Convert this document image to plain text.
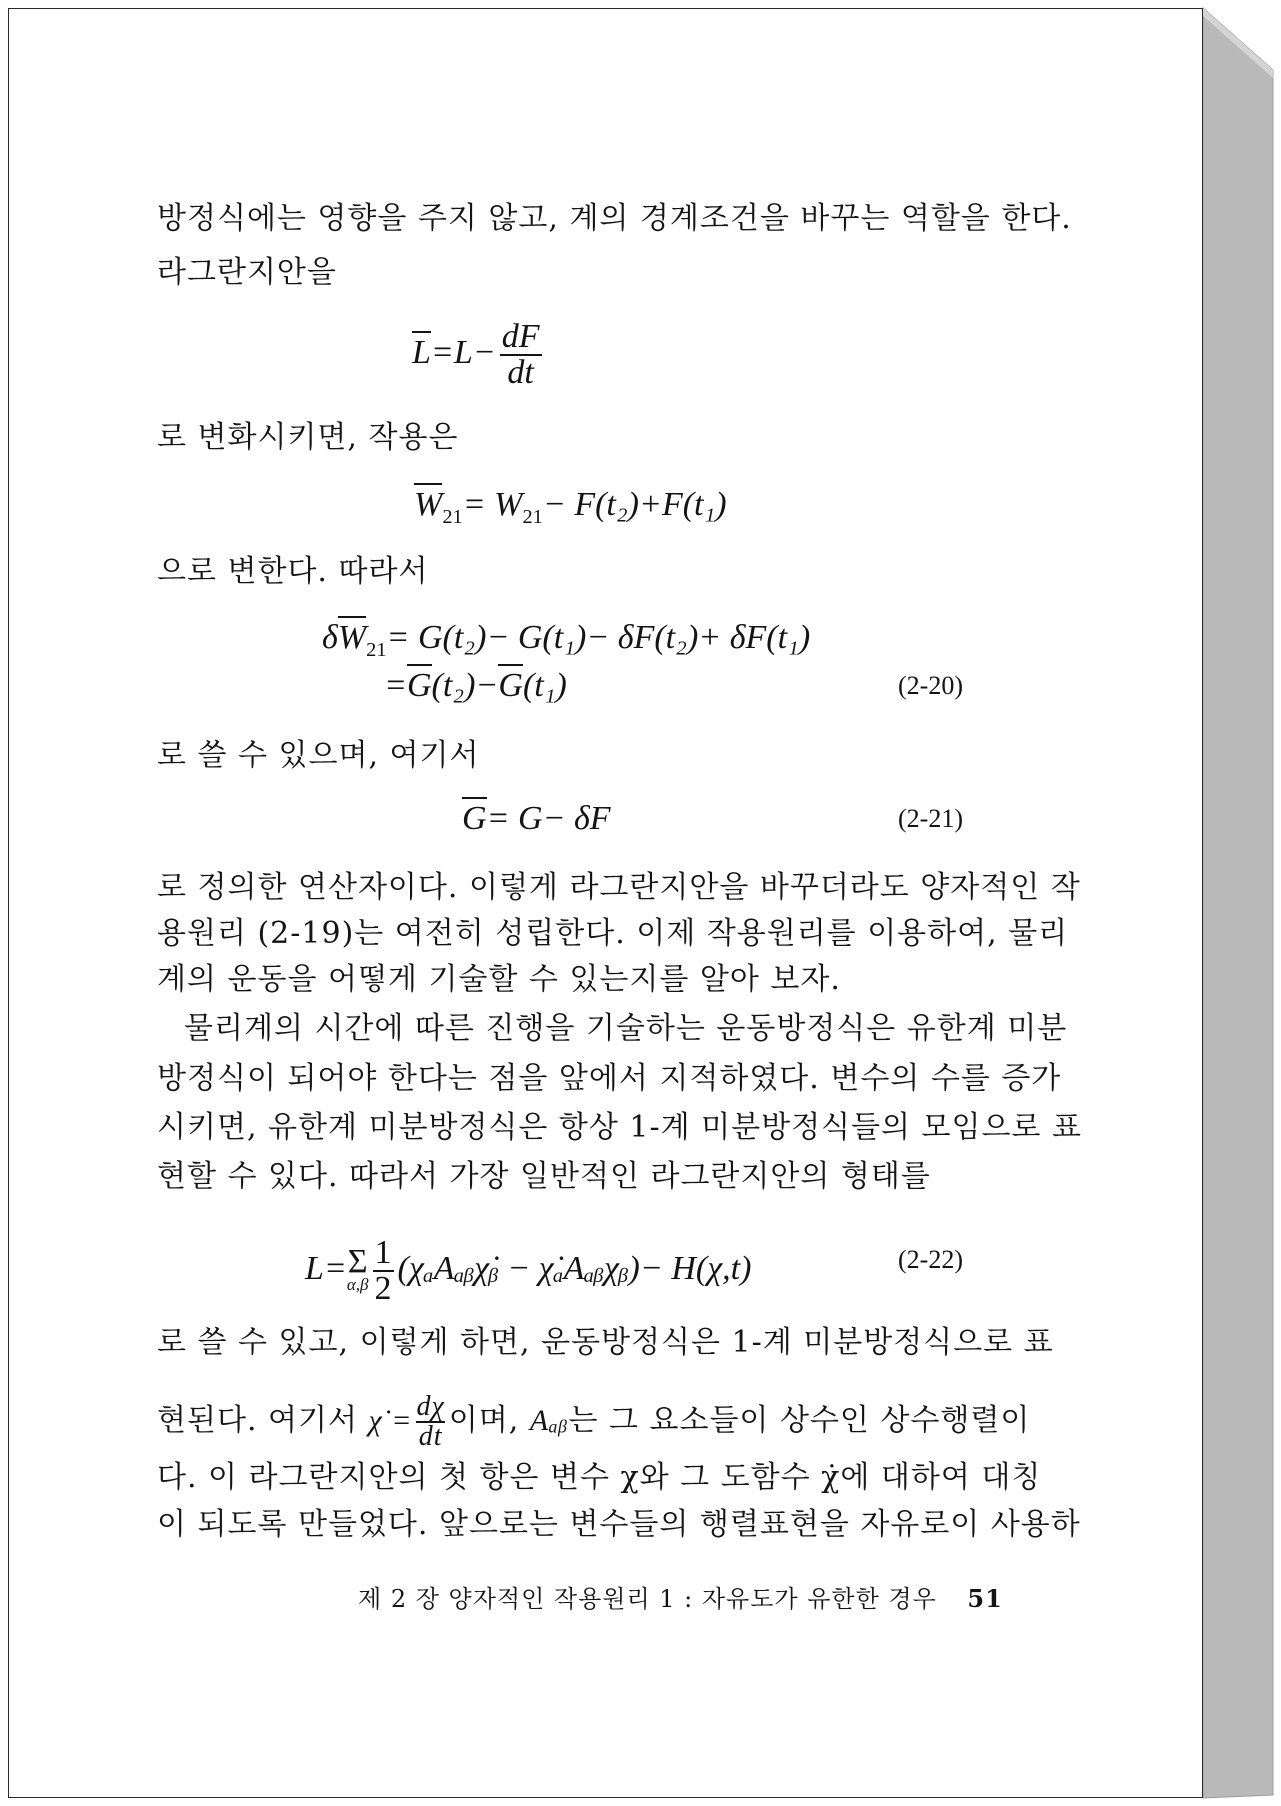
방정식에는 영향을 주지 않고, 계의 경계조건을 바꾸는 역할을 한다.
라그란지안을
$L=L- \frac{dF}{dt}$
로 변화시키면, 작용은
$W_{21}= W_{21}- F(t_2)+F(t_1)$
으로 변한다. 따라서
$\delta W_{21}= G(t_2)- G(t_1)- \delta F(t_2)+ \delta F(t_1)$
=G(t₂)−G(t₁)	(2-20)
로 쓸 수 있으며, 여기서
G= G− δF	(2-21)
로 정의한 연산자이다. 이렇게 라그란지안을 바꾸더라도 양자적인 작
용원리 (2-19)는 여전히 성립한다. 이제 작용원리를 이용하여, 물리
계의 운동을 어떻게 기술할 수 있는지를 알아 보자.
물리계의 시간에 따른 진행을 기술하는 운동방정식은 유한계 미분
방정식이 되어야 한다는 점을 앞에서 지적하였다. 변수의 수를 증가
시키면, 유한계 미분방정식은 항상 1-계 미분방정식들의 모임으로 표
현할 수 있다. 따라서 가장 일반적인 라그란지안의 형태를
L= Σ
$\alpha,\beta \frac{1}{2}$ (χₐAₐᵦχ̇ᵦ − χ̇ₐAₐᵦχᵦ)− H(χ,t)	(2-22)
로 쓸 수 있고, 이렇게 하면, 운동방정식은 1-계 미분방정식으로 표
현된다. 여기서 χ̇ = $\frac{d\chi}{dt}$ 이며, Aₐᵦ는 그 요소들이 상수인 상수행렬이
다. 이 라그란지안의 첫 항은 변수 χ와 그 도함수 χ̇에 대하여 대칭
이 되도록 만들었다. 앞으로는 변수들의 행렬표현을 자유로이 사용하
제 2 장 양자적인 작용원리 1 : 자유도가 유한한 경우 51
